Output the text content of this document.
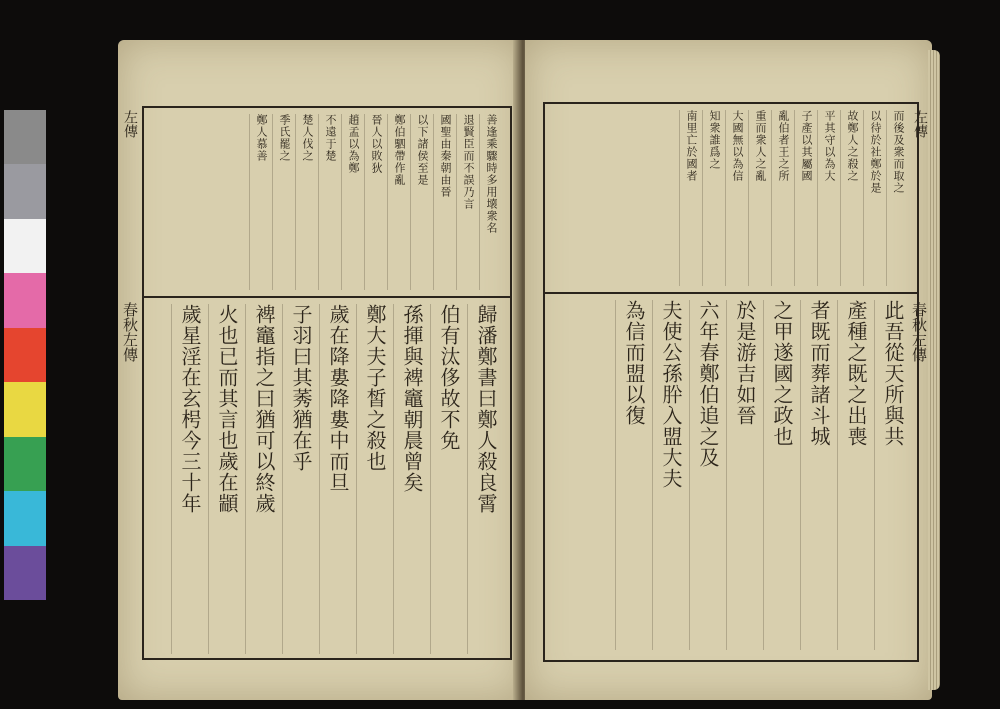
左傳
春秋左傳
善逢乘驟時多用壊衆名
退賢臣而不誤乃言
國聖由秦朝由晉
以下諸侯至是
鄭伯駟帶作亂
晉人以敗狄
趙孟以為鄭
不遠于楚
楚人伐之
季氏罷之
鄭人慕善
歸潘鄭書曰鄭人殺良霄
伯有汰侈故不免
孫揮與裨竈朝晨曾矣
鄭大夫子皙之殺也
歲在降婁降婁中而旦
子羽曰其莠猶在乎
裨竈指之曰猶可以終歲
火也已而其言也歲在顓
歲星淫在玄枵今三十年
左傳
春秋左傳
而後及衆而取之
以待於社鄭於是
故鄭人之殺之
平其守以為大
子產以其屬國
亂伯者王之所
重而衆人之亂
大國無以為信
知衆誰爲之
南里亡於國者
此吾從天所與共
產種之既之出喪
者既而葬諸斗城
之甲遂國之政也
於是游吉如晉
六年春鄭伯追之及
夫使公孫肸入盟大夫
為信而盟以復
